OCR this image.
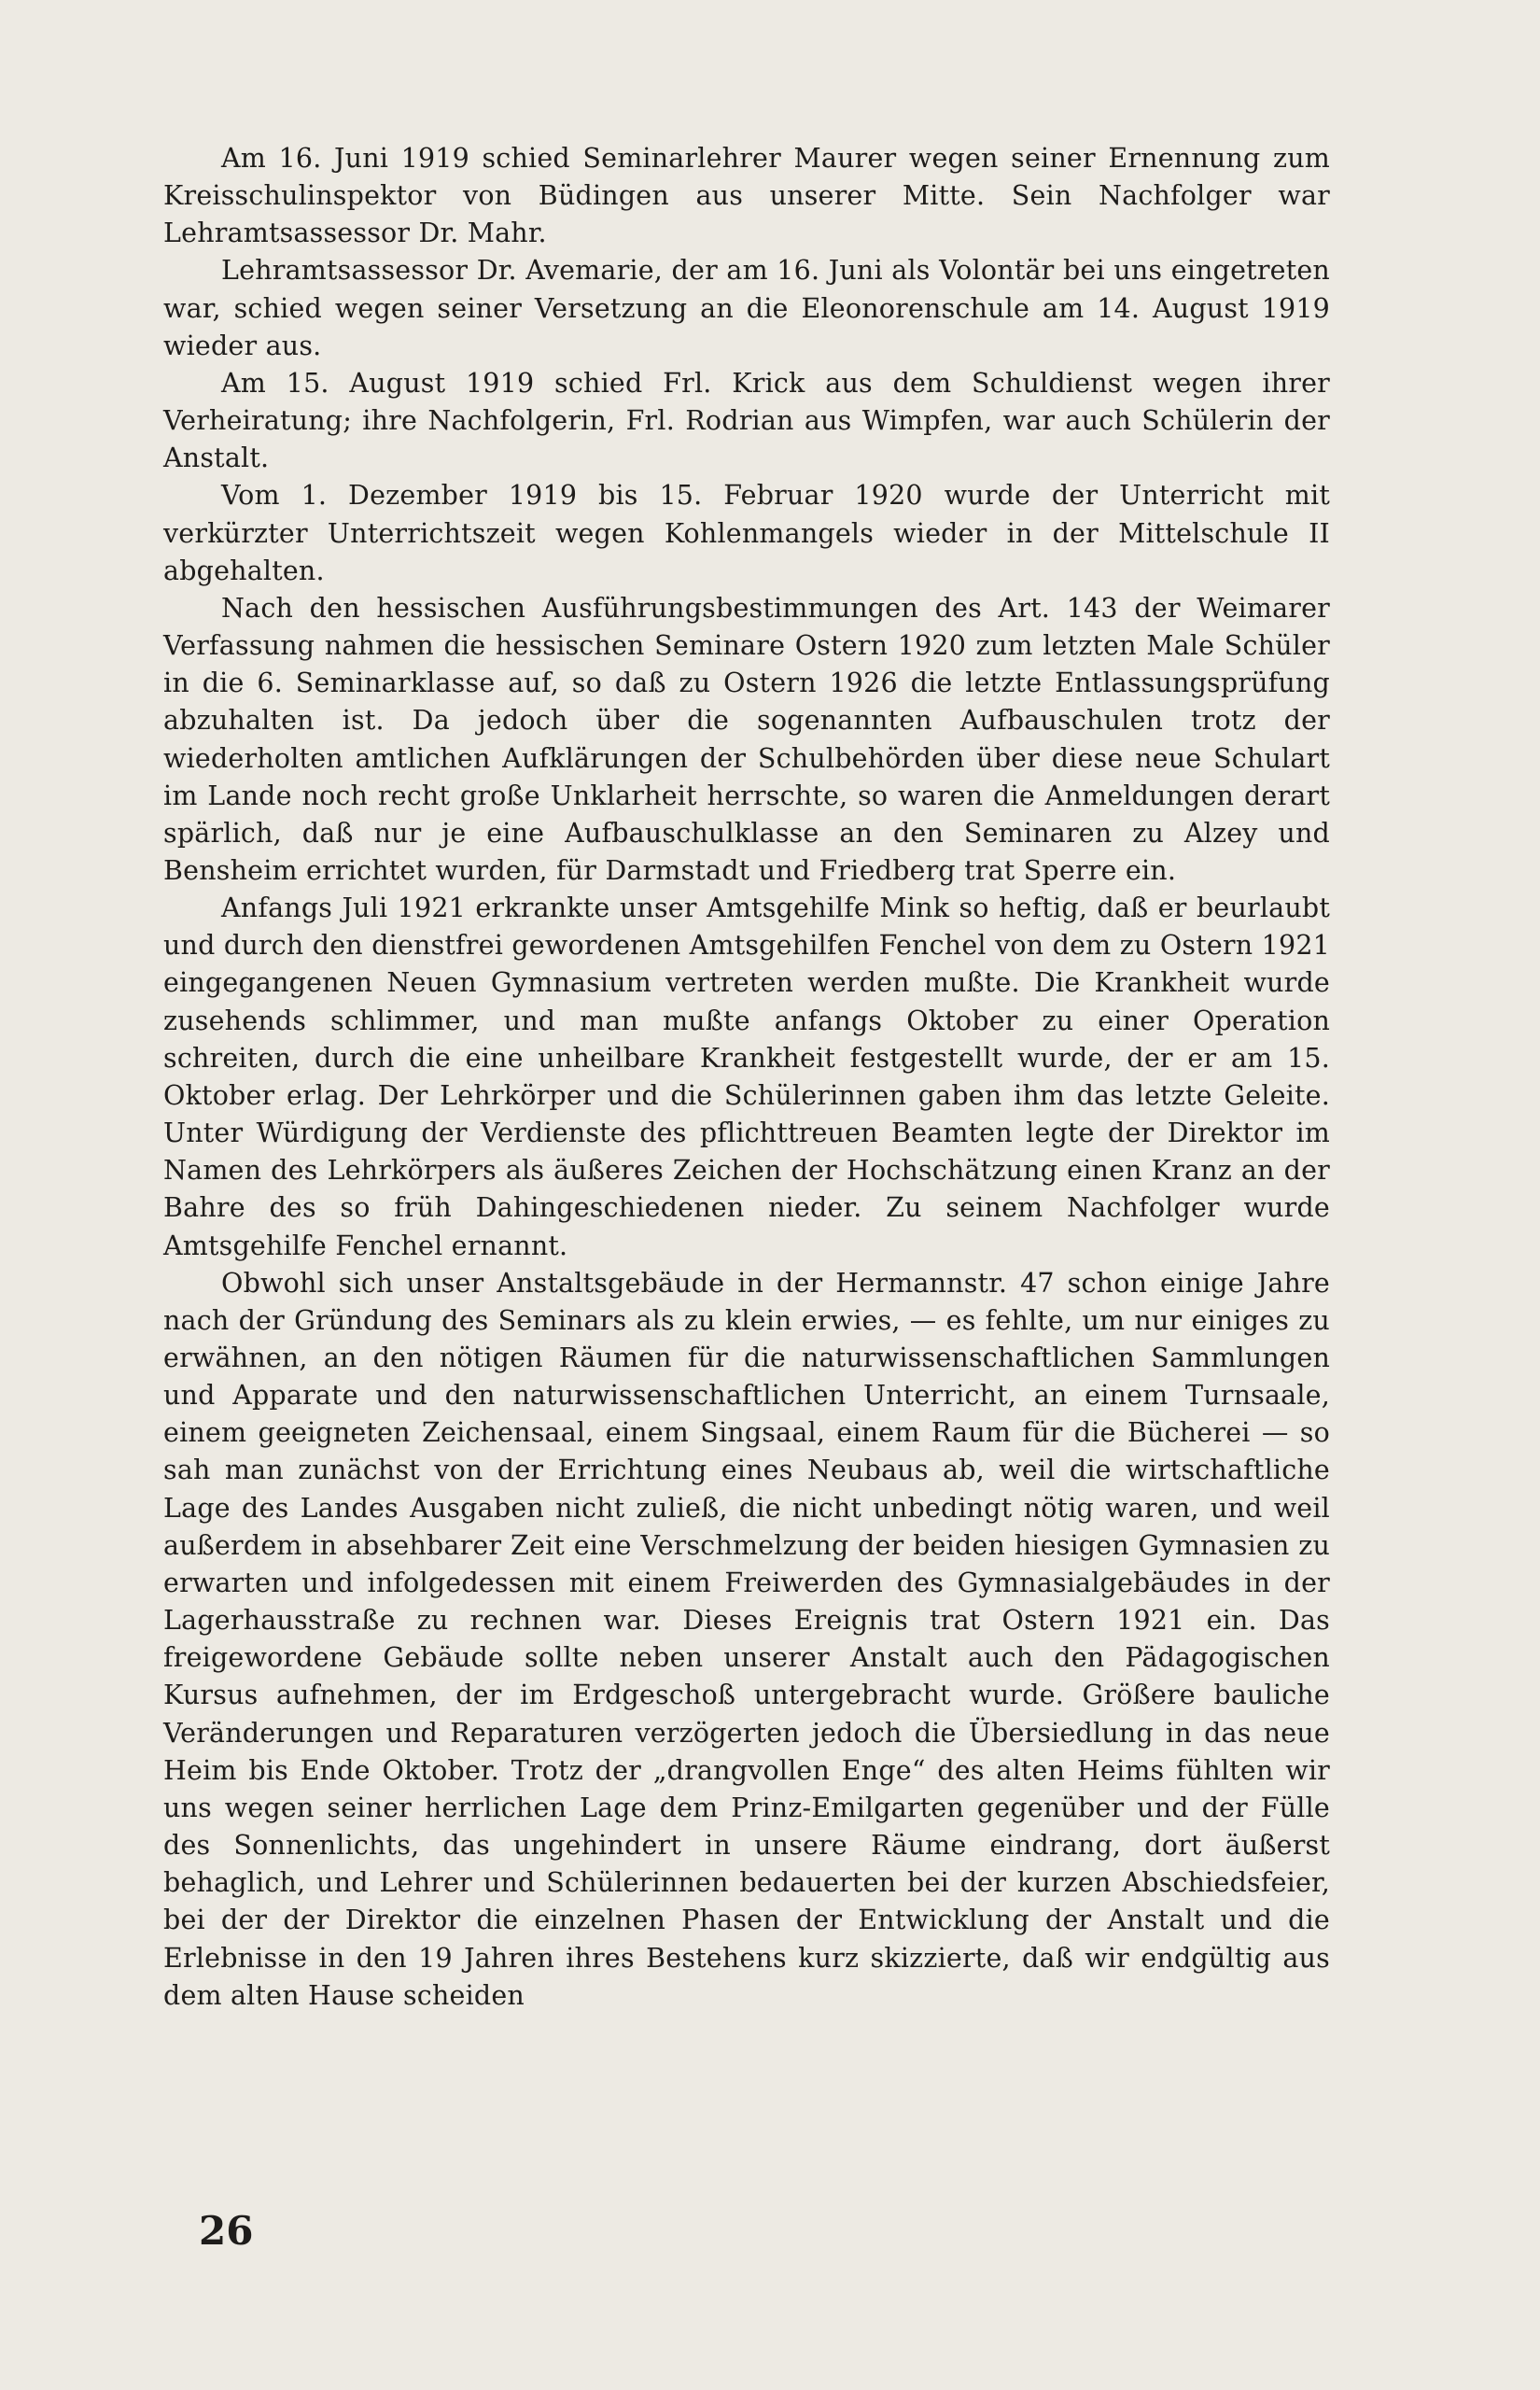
Am 16. Juni 1919 schied Seminarlehrer Maurer wegen seiner Ernennung zum Kreisschulinspektor von Büdingen aus unserer Mitte. Sein Nachfolger war Lehramtsassessor Dr. Mahr.

Lehramtsassessor Dr. Avemarie, der am 16. Juni als Volontär bei uns eingetreten war, schied wegen seiner Versetzung an die Eleonorenschule am 14. August 1919 wieder aus.

Am 15. August 1919 schied Frl. Krick aus dem Schuldienst wegen ihrer Verheiratung; ihre Nachfolgerin, Frl. Rodrian aus Wimpfen, war auch Schülerin der Anstalt.

Vom 1. Dezember 1919 bis 15. Februar 1920 wurde der Unterricht mit verkürzter Unterrichtszeit wegen Kohlenmangels wieder in der Mittelschule II abgehalten.

Nach den hessischen Ausführungsbestimmungen des Art. 143 der Weimarer Verfassung nahmen die hessischen Seminare Ostern 1920 zum letzten Male Schüler in die 6. Seminarklasse auf, so daß zu Ostern 1926 die letzte Entlassungsprüfung abzuhalten ist. Da jedoch über die sogenannten Aufbauschulen trotz der wiederholten amtlichen Aufklärungen der Schulbehörden über diese neue Schulart im Lande noch recht große Unklarheit herrschte, so waren die Anmeldungen derart spärlich, daß nur je eine Aufbauschulklasse an den Seminaren zu Alzey und Bensheim errichtet wurden, für Darmstadt und Friedberg trat Sperre ein.

Anfangs Juli 1921 erkrankte unser Amtsgehilfe Mink so heftig, daß er beurlaubt und durch den dienstfrei gewordenen Amtsgehilfen Fenchel von dem zu Ostern 1921 eingegangenen Neuen Gymnasium vertreten werden mußte. Die Krankheit wurde zusehends schlimmer, und man mußte anfangs Oktober zu einer Operation schreiten, durch die eine unheilbare Krankheit festgestellt wurde, der er am 15. Oktober erlag. Der Lehrkörper und die Schülerinnen gaben ihm das letzte Geleite. Unter Würdigung der Verdienste des pflichttreuen Beamten legte der Direktor im Namen des Lehrkörpers als äußeres Zeichen der Hochschätzung einen Kranz an der Bahre des so früh Dahingeschiedenen nieder. Zu seinem Nachfolger wurde Amtsgehilfe Fenchel ernannt.

Obwohl sich unser Anstaltsgebäude in der Hermannstr. 47 schon einige Jahre nach der Gründung des Seminars als zu klein erwies, — es fehlte, um nur einiges zu erwähnen, an den nötigen Räumen für die naturwissenschaftlichen Sammlungen und Apparate und den naturwissenschaftlichen Unterricht, an einem Turnsaale, einem geeigneten Zeichensaal, einem Singsaal, einem Raum für die Bücherei — so sah man zunächst von der Errichtung eines Neubaus ab, weil die wirtschaftliche Lage des Landes Ausgaben nicht zuließ, die nicht unbedingt nötig waren, und weil außerdem in absehbarer Zeit eine Verschmelzung der beiden hiesigen Gymnasien zu erwarten und infolgedessen mit einem Freiwerden des Gymnasialgebäudes in der Lagerhausstraße zu rechnen war. Dieses Ereignis trat Ostern 1921 ein. Das freigewordene Gebäude sollte neben unserer Anstalt auch den Pädagogischen Kursus aufnehmen, der im Erdgeschoß untergebracht wurde. Größere bauliche Veränderungen und Reparaturen verzögerten jedoch die Übersiedlung in das neue Heim bis Ende Oktober. Trotz der „drangvollen Enge“ des alten Heims fühlten wir uns wegen seiner herrlichen Lage dem Prinz-Emilgarten gegenüber und der Fülle des Sonnenlichts, das ungehindert in unsere Räume eindrang, dort äußerst behaglich, und Lehrer und Schülerinnen bedauerten bei der kurzen Abschiedsfeier, bei der der Direktor die einzelnen Phasen der Entwicklung der Anstalt und die Erlebnisse in den 19 Jahren ihres Bestehens kurz skizzierte, daß wir endgültig aus dem alten Hause scheiden

26
